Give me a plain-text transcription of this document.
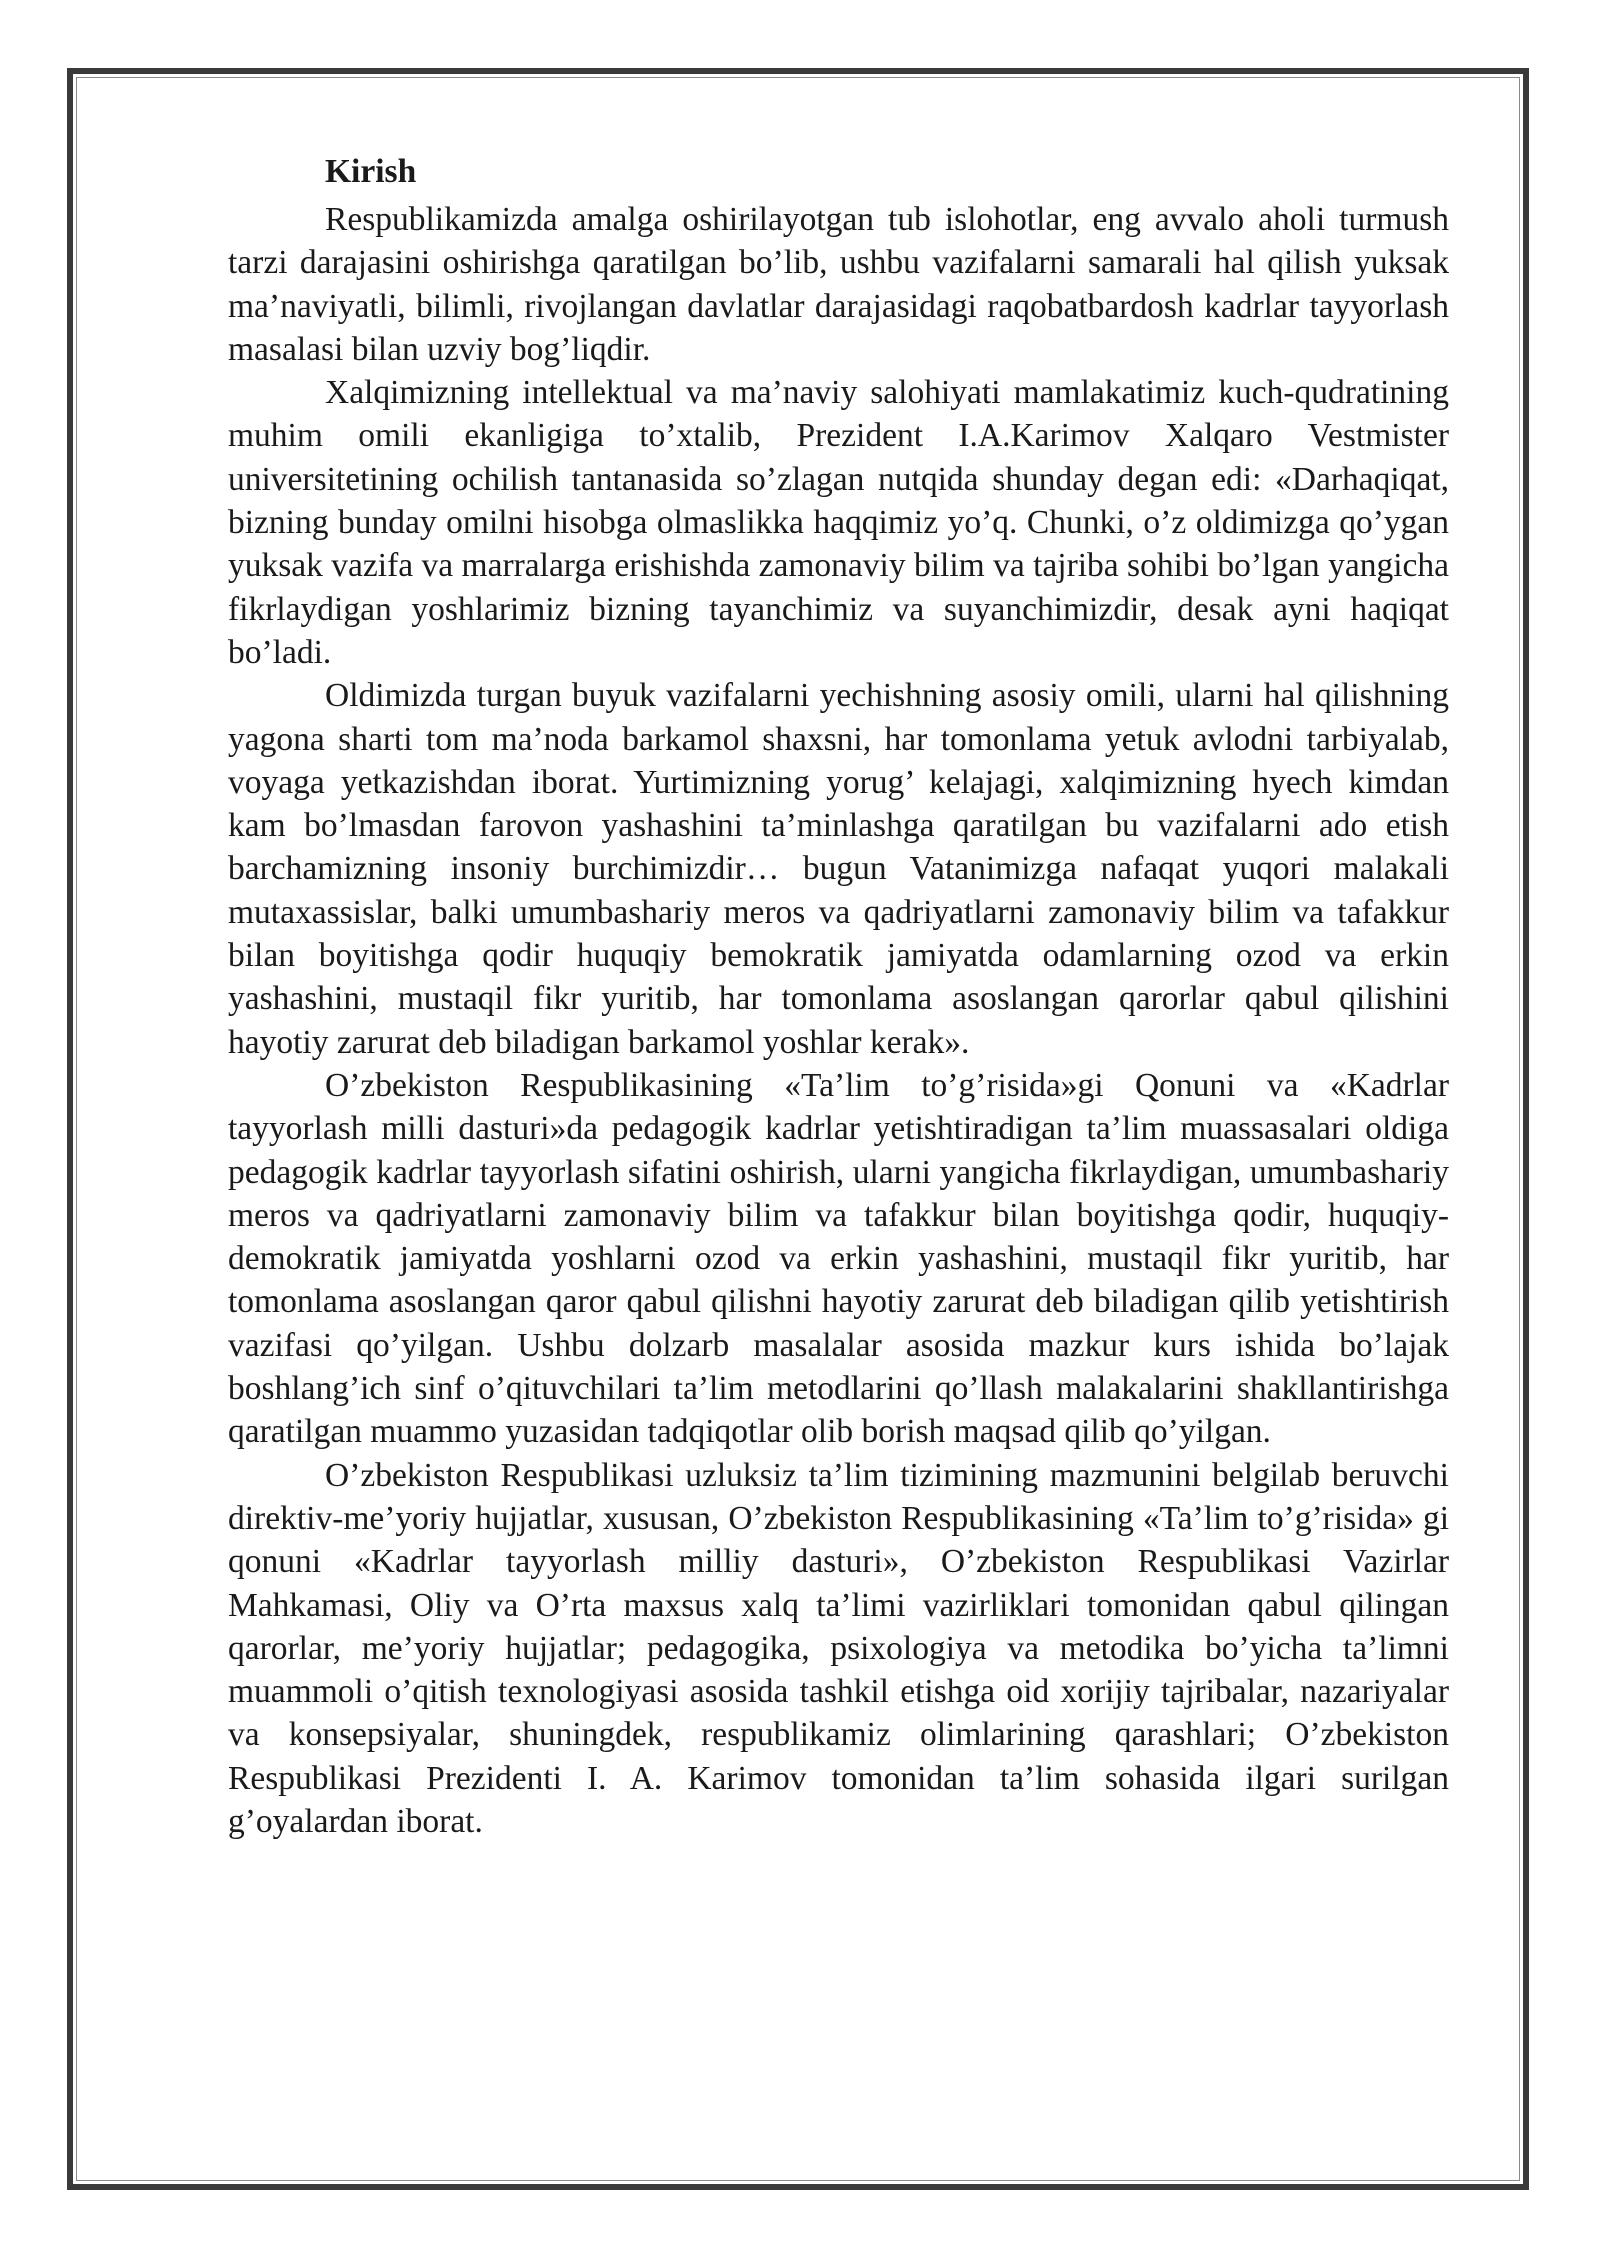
Kirish

Respublikamizda amalga oshirilayotgan tub islohotlar, eng avvalo aholi turmush tarzi darajasini oshirishga qaratilgan bo’lib, ushbu vazifalarni samarali hal qilish yuksak ma’naviyatli, bilimli, rivojlangan davlatlar darajasidagi raqobatbardosh kadrlar tayyorlash masalasi bilan uzviy bog’liqdir.

Xalqimizning intellektual va ma’naviy salohiyati mamlakatimiz kuch-qudratining muhim omili ekanligiga to’xtalib, Prezident I.A.Karimov Xalqaro Vestmister universitetining ochilish tantanasida so’zlagan nutqida shunday degan edi: «Darhaqiqat, bizning bunday omilni hisobga olmaslikka haqqimiz yo’q. Chunki, o’z oldimizga qo’ygan yuksak vazifa va marralarga erishishda zamonaviy bilim va tajriba sohibi bo’lgan yangicha fikrlaydigan yoshlarimiz bizning tayanchimiz va suyanchimizdir, desak ayni haqiqat bo’ladi.

Oldimizda turgan buyuk vazifalarni yechishning asosiy omili, ularni hal qilishning yagona sharti tom ma’noda barkamol shaxsni, har tomonlama yetuk avlodni tarbiyalab, voyaga yetkazishdan iborat. Yurtimizning yorug’ kelajagi, xalqimizning hyech kimdan kam bo’lmasdan farovon yashashini ta’minlashga qaratilgan bu vazifalarni ado etish barchamizning insoniy burchimizdir… bugun Vatanimizga nafaqat yuqori malakali mutaxassislar, balki umumbashariy meros va qadriyatlarni zamonaviy bilim va tafakkur bilan boyitishga qodir huquqiy bemokratik jamiyatda odamlarning ozod va erkin yashashini, mustaqil fikr yuritib, har tomonlama asoslangan qarorlar qabul qilishini hayotiy zarurat deb biladigan barkamol yoshlar kerak».

O’zbekiston Respublikasining «Ta’lim to’g’risida»gi Qonuni va «Kadrlar tayyorlash milli dasturi»da pedagogik kadrlar yetishtiradigan ta’lim muassasalari oldiga pedagogik kadrlar tayyorlash sifatini oshirish, ularni yangicha fikrlaydigan, umumbashariy meros va qadriyatlarni zamonaviy bilim va tafakkur bilan boyitishga qodir, huquqiy-demokratik jamiyatda yoshlarni ozod va erkin yashashini, mustaqil fikr yuritib, har tomonlama asoslangan qaror qabul qilishni hayotiy zarurat deb biladigan qilib yetishtirish vazifasi qo’yilgan. Ushbu dolzarb masalalar asosida mazkur kurs ishida bo’lajak boshlang’ich sinf o’qituvchilari ta’lim metodlarini qo’llash malakalarini shakllantirishga qaratilgan muammo yuzasidan tadqiqotlar olib borish maqsad qilib qo’yilgan.

O’zbekiston Respublikasi uzluksiz ta’lim tizimining mazmunini belgilab beruvchi direktiv-me’yoriy hujjatlar, xususan, O’zbekiston Respublikasining «Ta’lim to’g’risida» gi qonuni «Kadrlar tayyorlash milliy dasturi», O’zbekiston Respublikasi Vazirlar Mahkamasi, Oliy va O’rta maxsus xalq ta’limi vazirliklari tomonidan qabul qilingan qarorlar, me’yoriy hujjatlar; pedagogika, psixologiya va metodika bo’yicha ta’limni muammoli o’qitish texnologiyasi asosida tashkil etishga oid xorijiy tajribalar, nazariyalar va konsepsiyalar, shuningdek, respublikamiz olimlarining qarashlari; O’zbekiston Respublikasi Prezidenti I. A. Karimov tomonidan ta’lim sohasida ilgari surilgan g’oyalardan iborat.
